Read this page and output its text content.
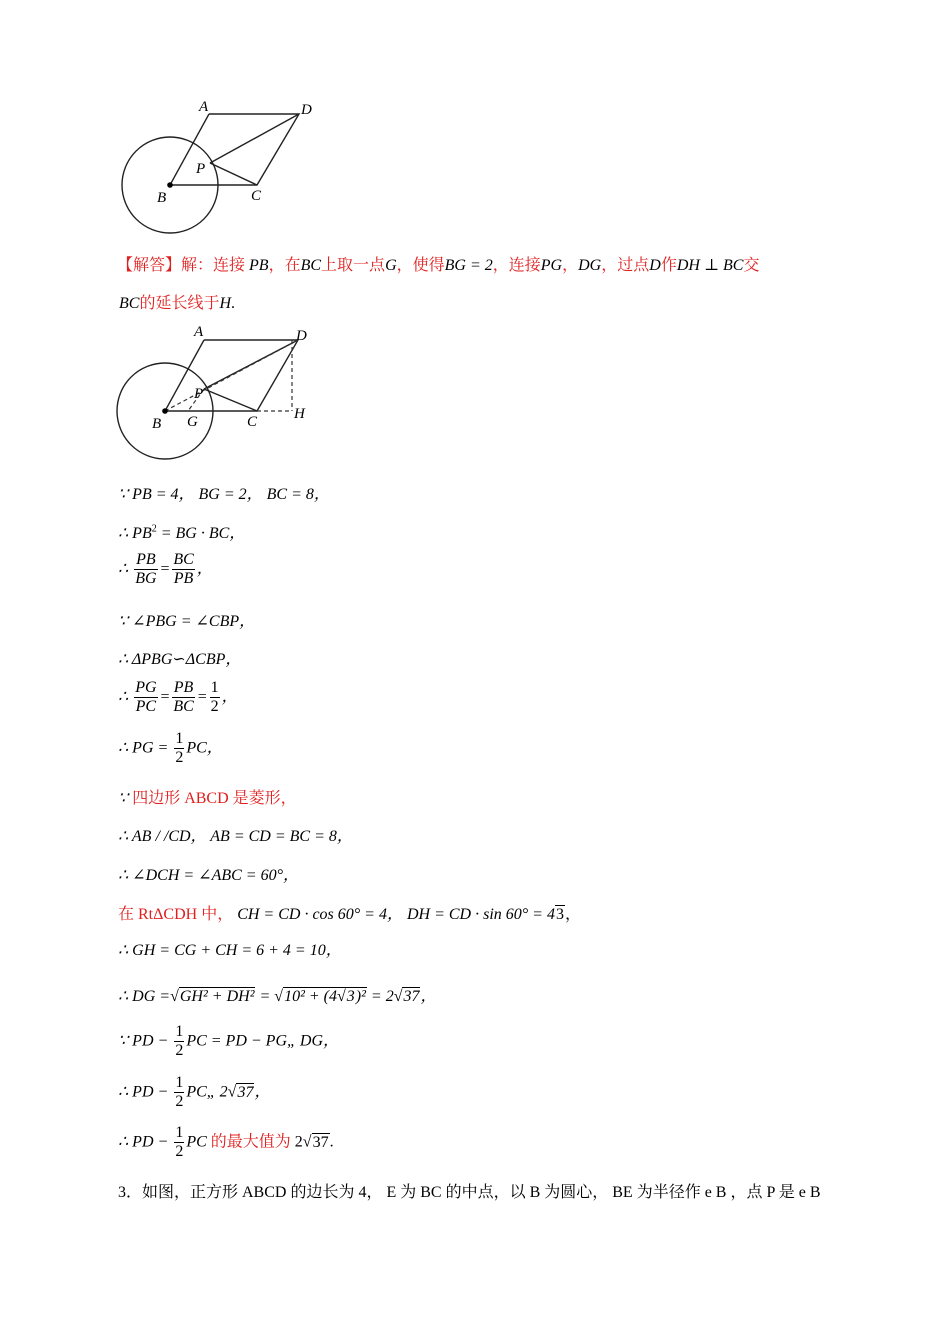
A	D
P
B	C
【解答】解：连接 PB，在BC上取一点G，使得BG = 2，连接PG，DG，过点D作DH ⊥ BC交
BC的延长线于H.
A	D
P
B G	C H
∵ PB = 4， BG = 2， BC = 8，
∴ $PB^2$ = BG · BC，
∴ $\frac{PB}{BG} = \frac{BC}{PB}$ ，
∵ ∠PBG = ∠CBP，
∴ ΔPBG∽ΔCBP，
∴ $\frac{PG}{PC} = \frac{PB}{BC} = \frac{1}{2}$ ，
∴ PG = $\frac{1}{2}$ PC，
∵ 四边形 ABCD 是菱形，
∴ AB / /CD， AB = CD = BC = 8，
∴ ∠DCH = ∠ABC = 60°，
在 RtΔCDH 中， CH = CD · cos 60° = 4， DH = CD · sin 60° = 43，
∴ GH = CG + CH = 6 + 4 = 10，
∴ DG =√GH² + DH² = √10² + (4√3)² = 2√37，
∵ PD − $\frac{1}{2}$ PC = PD − PG„ DG，
∴ PD − $\frac{1}{2}$ PC„ 2√37，
∴ PD − $\frac{1}{2}$ PC 的最大值为 2√37.
3．如图，正方形 ABCD 的边长为 4， E 为 BC 的中点，以 B 为圆心， BE 为半径作 e B ，点 P 是 e B
